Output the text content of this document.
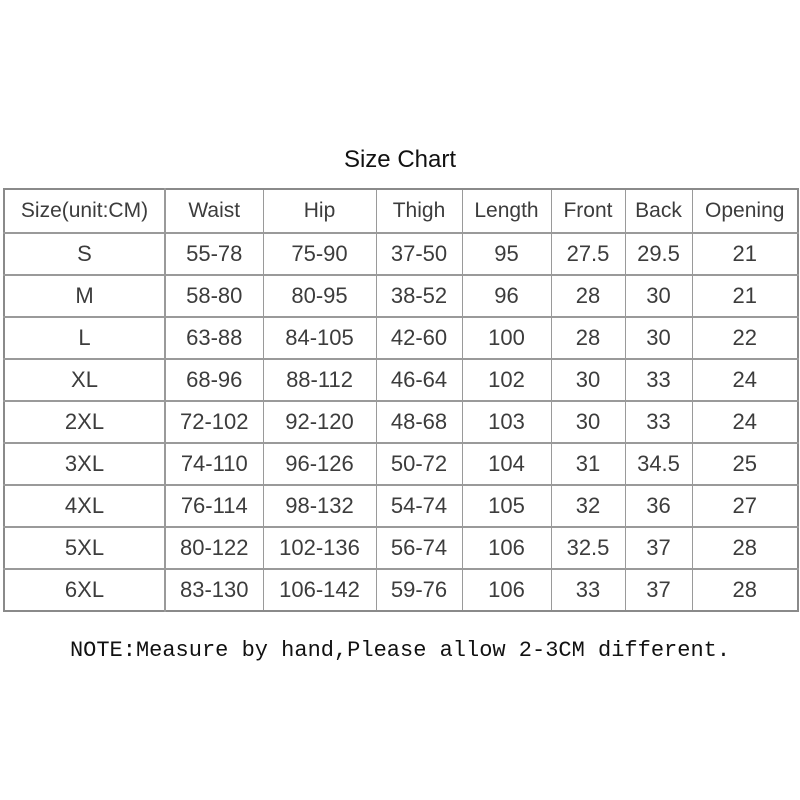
Size Chart
Size(unit:CM)	Waist	Hip	Thigh	Length	Front	Back	Opening
S	55-78	75-90	37-50	95	27.5	29.5	21
M	58-80	80-95	38-52	96	28	30	21
L	63-88	84-105	42-60	100	28	30	22
XL	68-96	88-112	46-64	102	30	33	24
2XL	72-102	92-120	48-68	103	30	33	24
3XL	74-110	96-126	50-72	104	31	34.5	25
4XL	76-114	98-132	54-74	105	32	36	27
5XL	80-122	102-136	56-74	106	32.5	37	28
6XL	83-130	106-142	59-76	106	33	37	28
NOTE:Measure by hand,Please allow 2-3CM different.
